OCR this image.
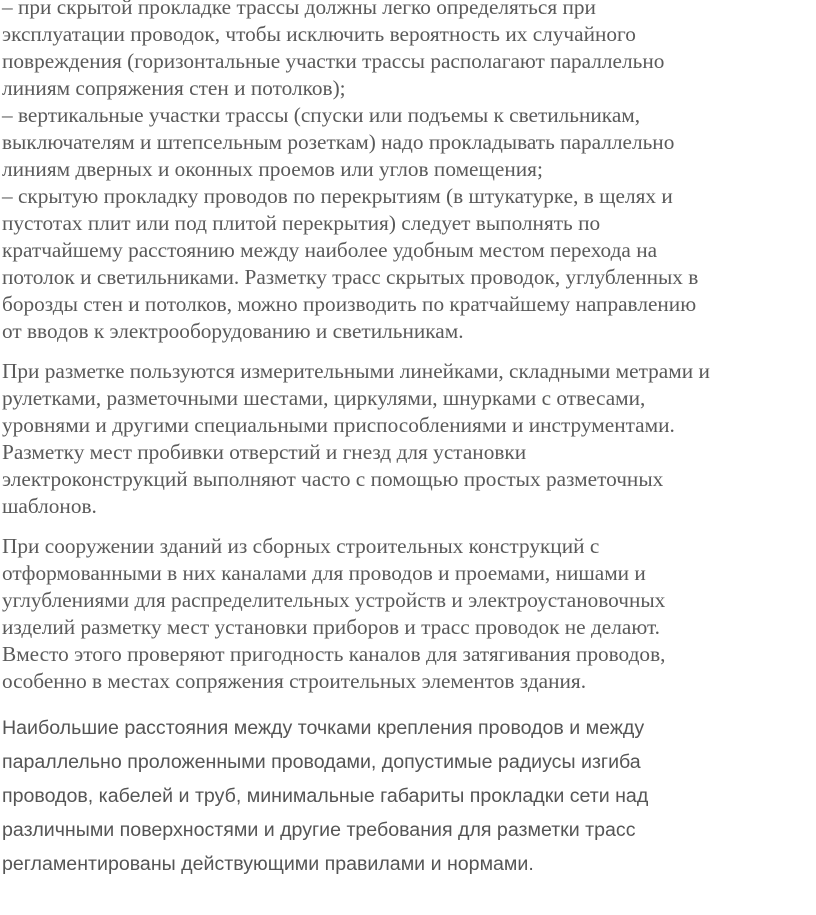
– при скрытой прокладке трассы должны легко определяться при
эксплуатации проводок, чтобы исключить вероятность их случайного
повреждения (горизонтальные участки трассы располагают параллельно
линиям сопряжения стен и потолков);
– вертикальные участки трассы (спуски или подъемы к светильникам,
выключателям и штепсельным розеткам) надо прокладывать параллельно
линиям дверных и оконных проемов или углов помещения;
– скрытую прокладку проводов по перекрытиям (в штукатурке, в щелях и
пустотах плит или под плитой перекрытия) следует выполнять по
кратчайшему расстоянию между наиболее удобным местом перехода на
потолок и светильниками. Разметку трасс скрытых проводок, углубленных в
борозды стен и потолков, можно производить по кратчайшему направлению
от вводов к электрооборудованию и светильникам.

При разметке пользуются измерительными линейками, складными метрами и
рулетками, разметочными шестами, циркулями, шнурками с отвесами,
уровнями и другими специальными приспособлениями и инструментами.
Разметку мест пробивки отверстий и гнезд для установки
электроконструкций выполняют часто с помощью простых разметочных
шаблонов.

При сооружении зданий из сборных строительных конструкций с
отформованными в них каналами для проводов и проемами, нишами и
углублениями для распределительных устройств и электроустановочных
изделий разметку мест установки приборов и трасс проводок не делают.
Вместо этого проверяют пригодность каналов для затягивания проводов,
особенно в местах сопряжения строительных элементов здания.

Наибольшие расстояния между точками крепления проводов и между
параллельно проложенными проводами, допустимые радиусы изгиба
проводов, кабелей и труб, минимальные габариты прокладки сети над
различными поверхностями и другие требования для разметки трасс
регламентированы действующими правилами и нормами.
